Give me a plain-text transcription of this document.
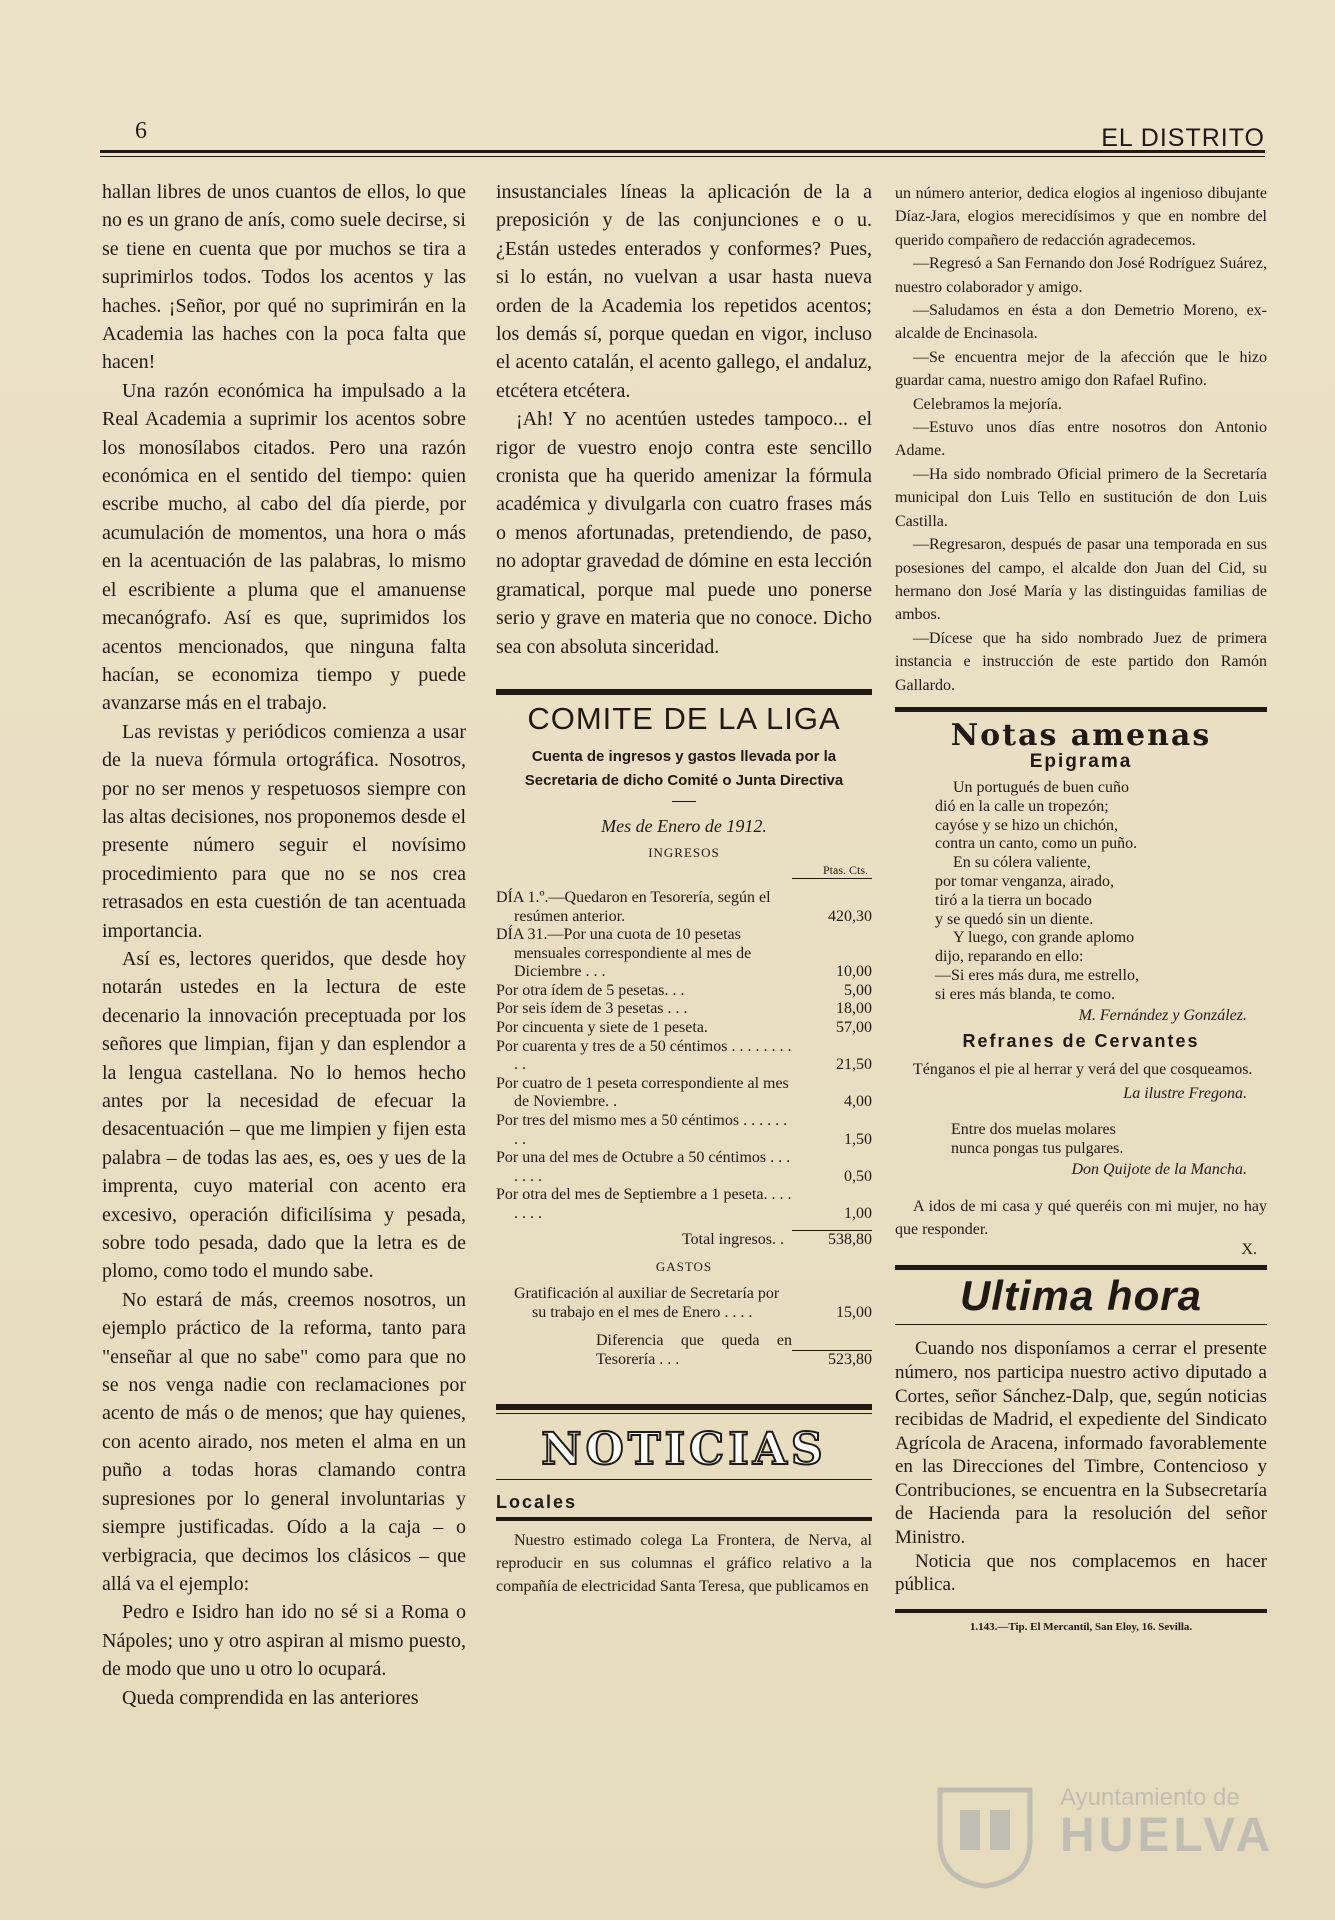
6	EL DISTRITO

hallan libres de unos cuantos de ellos, lo que no es un grano de anís, como suele decirse, si se tiene en cuenta que por muchos se tira a suprimirlos todos. Todos los acentos y las haches. ¡Señor, por qué no suprimirán en la Academia las haches con la poca falta que hacen!

Una razón económica ha impulsado a la Real Academia a suprimir los acentos sobre los monosílabos citados. Pero una razón económica en el sentido del tiempo: quien escribe mucho, al cabo del día pierde, por acumulación de momentos, una hora o más en la acentuación de las palabras, lo mismo el escribiente a pluma que el amanuense mecanógrafo. Así es que, suprimidos los acentos mencionados, que ninguna falta hacían, se economiza tiempo y puede avanzarse más en el trabajo.

Las revistas y periódicos comienza a usar de la nueva fórmula ortográfica. Nosotros, por no ser menos y respetuosos siempre con las altas decisiones, nos proponemos desde el presente número seguir el novísimo procedimiento para que no se nos crea retrasados en esta cuestión de tan acentuada importancia.

Así es, lectores queridos, que desde hoy notarán ustedes en la lectura de este decenario la innovación preceptuada por los señores que limpian, fijan y dan esplendor a la lengua castellana. No lo hemos hecho antes por la necesidad de efecuar la desacentuación – que me limpien y fijen esta palabra – de todas las aes, es, oes y ues de la imprenta, cuyo material con acento era excesivo, operación dificilísima y pesada, sobre todo pesada, dado que la letra es de plomo, como todo el mundo sabe.

No estará de más, creemos nosotros, un ejemplo práctico de la reforma, tanto para "enseñar al que no sabe" como para que no se nos venga nadie con reclamaciones por acento de más o de menos; que hay quienes, con acento airado, nos meten el alma en un puño a todas horas clamando contra supresiones por lo general involuntarias y siempre justificadas. Oído a la caja – o verbigracia, que decimos los clásicos – que allá va el ejemplo:

Pedro e Isidro han ido no sé si a Roma o Nápoles; uno y otro aspiran al mismo puesto, de modo que uno u otro lo ocupará.

Queda comprendida en las anteriores

insustanciales líneas la aplicación de la a preposición y de las conjunciones e o u. ¿Están ustedes enterados y conformes? Pues, si lo están, no vuelvan a usar hasta nueva orden de la Academia los repetidos acentos; los demás sí, porque quedan en vigor, incluso el acento catalán, el acento gallego, el andaluz, etcétera etcétera.

¡Ah! Y no acentúen ustedes tampoco... el rigor de vuestro enojo contra este sencillo cronista que ha querido amenizar la fórmula académica y divulgarla con cuatro frases más o menos afortunadas, pretendiendo, de paso, no adoptar gravedad de dómine en esta lección gramatical, porque mal puede uno ponerse serio y grave en materia que no conoce. Dicho sea con absoluta sinceridad.

COMITE DE LA LIGA
Cuenta de ingresos y gastos llevada por la Secretaria de dicho Comité o Junta Directiva
Mes de Enero de 1912.
INGRESOS
Ptas. Cts.
DÍA 1.º.—Quedaron en Tesorería, según el resúmen anterior.	420,30
DÍA 31.—Por una cuota de 10 pesetas mensuales correspondiente al mes de Diciembre . . .	10,00
Por otra ídem de 5 pesetas. . .	5,00
Por seis ídem de 3 pesetas . . .	18,00
Por cincuenta y siete de 1 peseta.	57,00
Por cuarenta y tres de a 50 céntimos . . . . . . . . . .	21,50
Por cuatro de 1 peseta correspondiente al mes de Noviembre. .	4,00
Por tres del mismo mes a 50 céntimos . . . . . . . .	1,50
Por una del mes de Octubre a 50 céntimos . . . . . . .	0,50
Por otra del mes de Septiembre a 1 peseta. . . . . . . .	1,00
Total ingresos. .	538,80
GASTOS
Gratificación al auxiliar de Secretaría por su trabajo en el mes de Enero . . . .	15,00
Diferencia que queda en Tesorería . . .	523,80
NOTICIAS
Locales

Nuestro estimado colega La Frontera, de Nerva, al reproducir en sus columnas el gráfico relativo a la compañía de electricidad Santa Teresa, que publicamos en

un número anterior, dedica elogios al ingenioso dibujante Díaz-Jara, elogios merecidísimos y que en nombre del querido compañero de redacción agradecemos.

—Regresó a San Fernando don José Rodríguez Suárez, nuestro colaborador y amigo.

—Saludamos en ésta a don Demetrio Moreno, ex-alcalde de Encinasola.

—Se encuentra mejor de la afección que le hizo guardar cama, nuestro amigo don Rafael Rufino.

Celebramos la mejoría.

—Estuvo unos días entre nosotros don Antonio Adame.

—Ha sido nombrado Oficial primero de la Secretaría municipal don Luis Tello en sustitución de don Luis Castilla.

—Regresaron, después de pasar una temporada en sus posesiones del campo, el alcalde don Juan del Cid, su hermano don José María y las distinguidas familias de ambos.

—Dícese que ha sido nombrado Juez de primera instancia e instrucción de este partido don Ramón Gallardo.

Notas amenas
Epigrama
Un portugués de buen cuño
dió en la calle un tropezón;
cayóse y se hizo un chichón,
contra un canto, como un puño.
En su cólera valiente,
por tomar venganza, airado,
tiró a la tierra un bocado
y se quedó sin un diente.
Y luego, con grande aplomo
dijo, reparando en ello:
—Si eres más dura, me estrello,
si eres más blanda, te como.
M. Fernández y González.
Refranes de Cervantes

Ténganos el pie al herrar y verá del que cosqueamos.

La ilustre Fregona.
Entre dos muelas molares
nunca pongas tus pulgares.
Don Quijote de la Mancha.

A idos de mi casa y qué queréis con mi mujer, no hay que responder.

X.
Ultima hora

Cuando nos disponíamos a cerrar el presente número, nos participa nuestro activo diputado a Cortes, señor Sánchez-Dalp, que, según noticias recibidas de Madrid, el expediente del Sindicato Agrícola de Aracena, informado favorablemente en las Direcciones del Timbre, Contencioso y Contribuciones, se encuentra en la Subsecretaría de Hacienda para la resolución del señor Ministro.

Noticia que nos complacemos en hacer pública.

1.143.—Tip. El Mercantil, San Eloy, 16. Sevilla.
Ayuntamiento de
HUELVA
